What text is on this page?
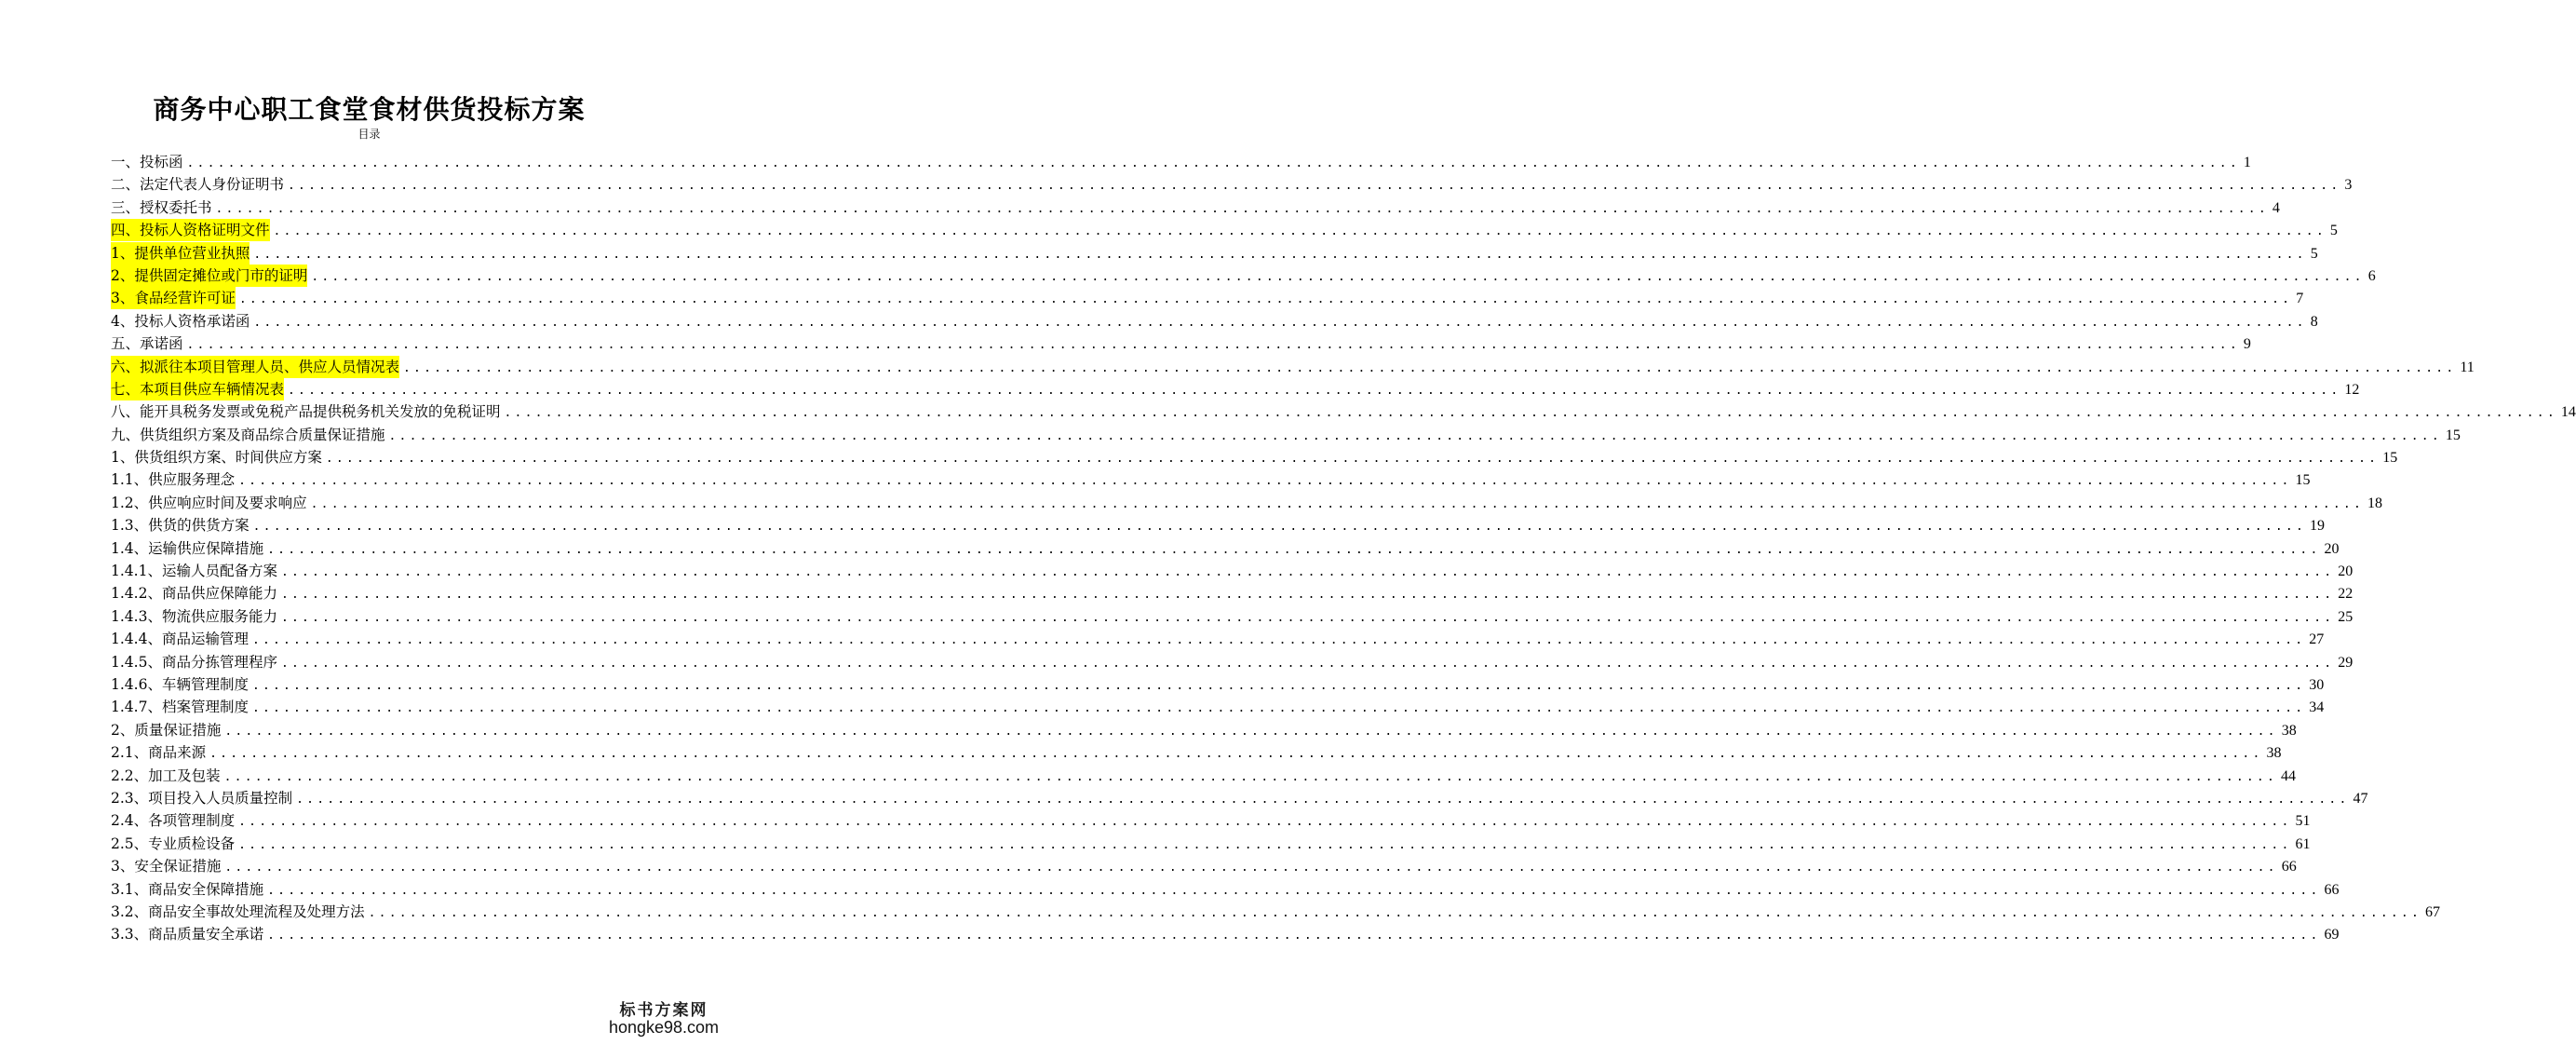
商务中心职工食堂食材供货投标方案
目录
一、投标函 ........................................................................................................................................................................................................ 1
二、法定代表人身份证明书 ........................................................................................................................................................................................................ 3
三、授权委托书 ........................................................................................................................................................................................................ 4
四、投标人资格证明文件 ........................................................................................................................................................................................................ 5
1、提供单位营业执照 ........................................................................................................................................................................................................ 5
2、提供固定摊位或门市的证明 ........................................................................................................................................................................................................ 6
3、食品经营许可证 ........................................................................................................................................................................................................ 7
4、投标人资格承诺函 ........................................................................................................................................................................................................ 8
五、承诺函 ........................................................................................................................................................................................................ 9
六、拟派往本项目管理人员、供应人员情况表 ........................................................................................................................................................................................................ 11
七、本项目供应车辆情况表 ........................................................................................................................................................................................................ 12
八、能开具税务发票或免税产品提供税务机关发放的免税证明 ........................................................................................................................................................................................................ 14
九、供货组织方案及商品综合质量保证措施 ........................................................................................................................................................................................................ 15
1、供货组织方案、时间供应方案 ........................................................................................................................................................................................................ 15
1.1、供应服务理念 ........................................................................................................................................................................................................ 15
1.2、供应响应时间及要求响应 ........................................................................................................................................................................................................ 18
1.3、供货的供货方案 ........................................................................................................................................................................................................ 19
1.4、运输供应保障措施 ........................................................................................................................................................................................................ 20
1.4.1、运输人员配备方案 ........................................................................................................................................................................................................ 20
1.4.2、商品供应保障能力 ........................................................................................................................................................................................................ 22
1.4.3、物流供应服务能力 ........................................................................................................................................................................................................ 25
1.4.4、商品运输管理 ........................................................................................................................................................................................................ 27
1.4.5、商品分拣管理程序 ........................................................................................................................................................................................................ 29
1.4.6、车辆管理制度 ........................................................................................................................................................................................................ 30
1.4.7、档案管理制度 ........................................................................................................................................................................................................ 34
2、质量保证措施 ........................................................................................................................................................................................................ 38
2.1、商品来源 ........................................................................................................................................................................................................ 38
2.2、加工及包装 ........................................................................................................................................................................................................ 44
2.3、项目投入人员质量控制 ........................................................................................................................................................................................................ 47
2.4、各项管理制度 ........................................................................................................................................................................................................ 51
2.5、专业质检设备 ........................................................................................................................................................................................................ 61
3、安全保证措施 ........................................................................................................................................................................................................ 66
3.1、商品安全保障措施 ........................................................................................................................................................................................................ 66
3.2、商品安全事故处理流程及处理方法 ........................................................................................................................................................................................................ 67
3.3、商品质量安全承诺 ........................................................................................................................................................................................................ 69
标书方案网
hongke98.com
